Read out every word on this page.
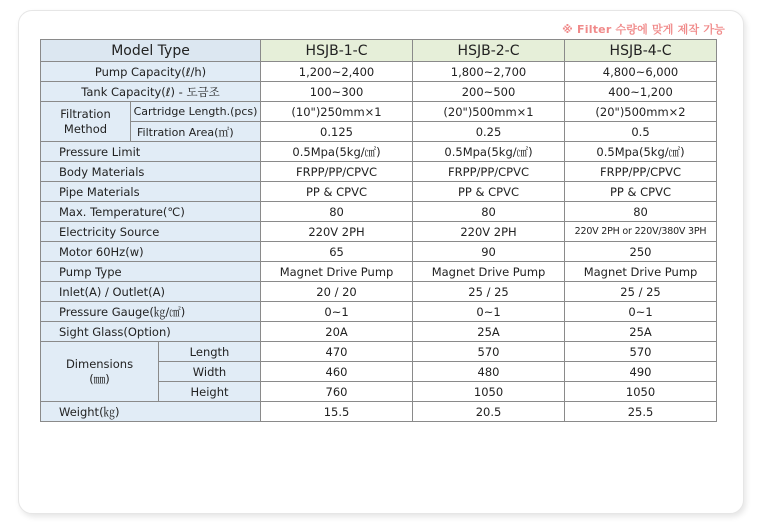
※ Filter 수량에 맞게 제작 가능
Model Type			HSJB-1-C	HSJB-2-C	HSJB-4-C
Pump Capacity(ℓ/h)			1,200~2,400	1,800~2,700	4,800~6,000
Tank Capacity(ℓ) - 도금조			100~300	200~500	400~1,200
Filtration
Method	Cartridge Length.(pcs)		(10")250mm×1	(20")500mm×1	(20")500mm×2
	Filtration Area(㎡)		0.125	0.25	0.5
Pressure Limit			0.5Mpa(5kg/㎠)	0.5Mpa(5kg/㎠)	0.5Mpa(5kg/㎠)
Body Materials			FRPP/PP/CPVC	FRPP/PP/CPVC	FRPP/PP/CPVC
Pipe Materials			PP & CPVC	PP & CPVC	PP & CPVC
Max. Temperature(℃)			80	80	80
Electricity Source			220V 2PH	220V 2PH	220V 2PH or 220V/380V 3PH
Motor 60Hz(w)			65	90	250
Pump Type			Magnet Drive Pump	Magnet Drive Pump	Magnet Drive Pump
Inlet(A) / Outlet(A)			20 / 20	25 / 25	25 / 25
Pressure Gauge(㎏/㎠)			0~1	0~1	0~1
Sight Glass(Option)			20A	25A	25A
Dimensions
(㎜)		Length	470	570	570
		Width	460	480	490
		Height	760	1050	1050
Weight(㎏)			15.5	20.5	25.5
